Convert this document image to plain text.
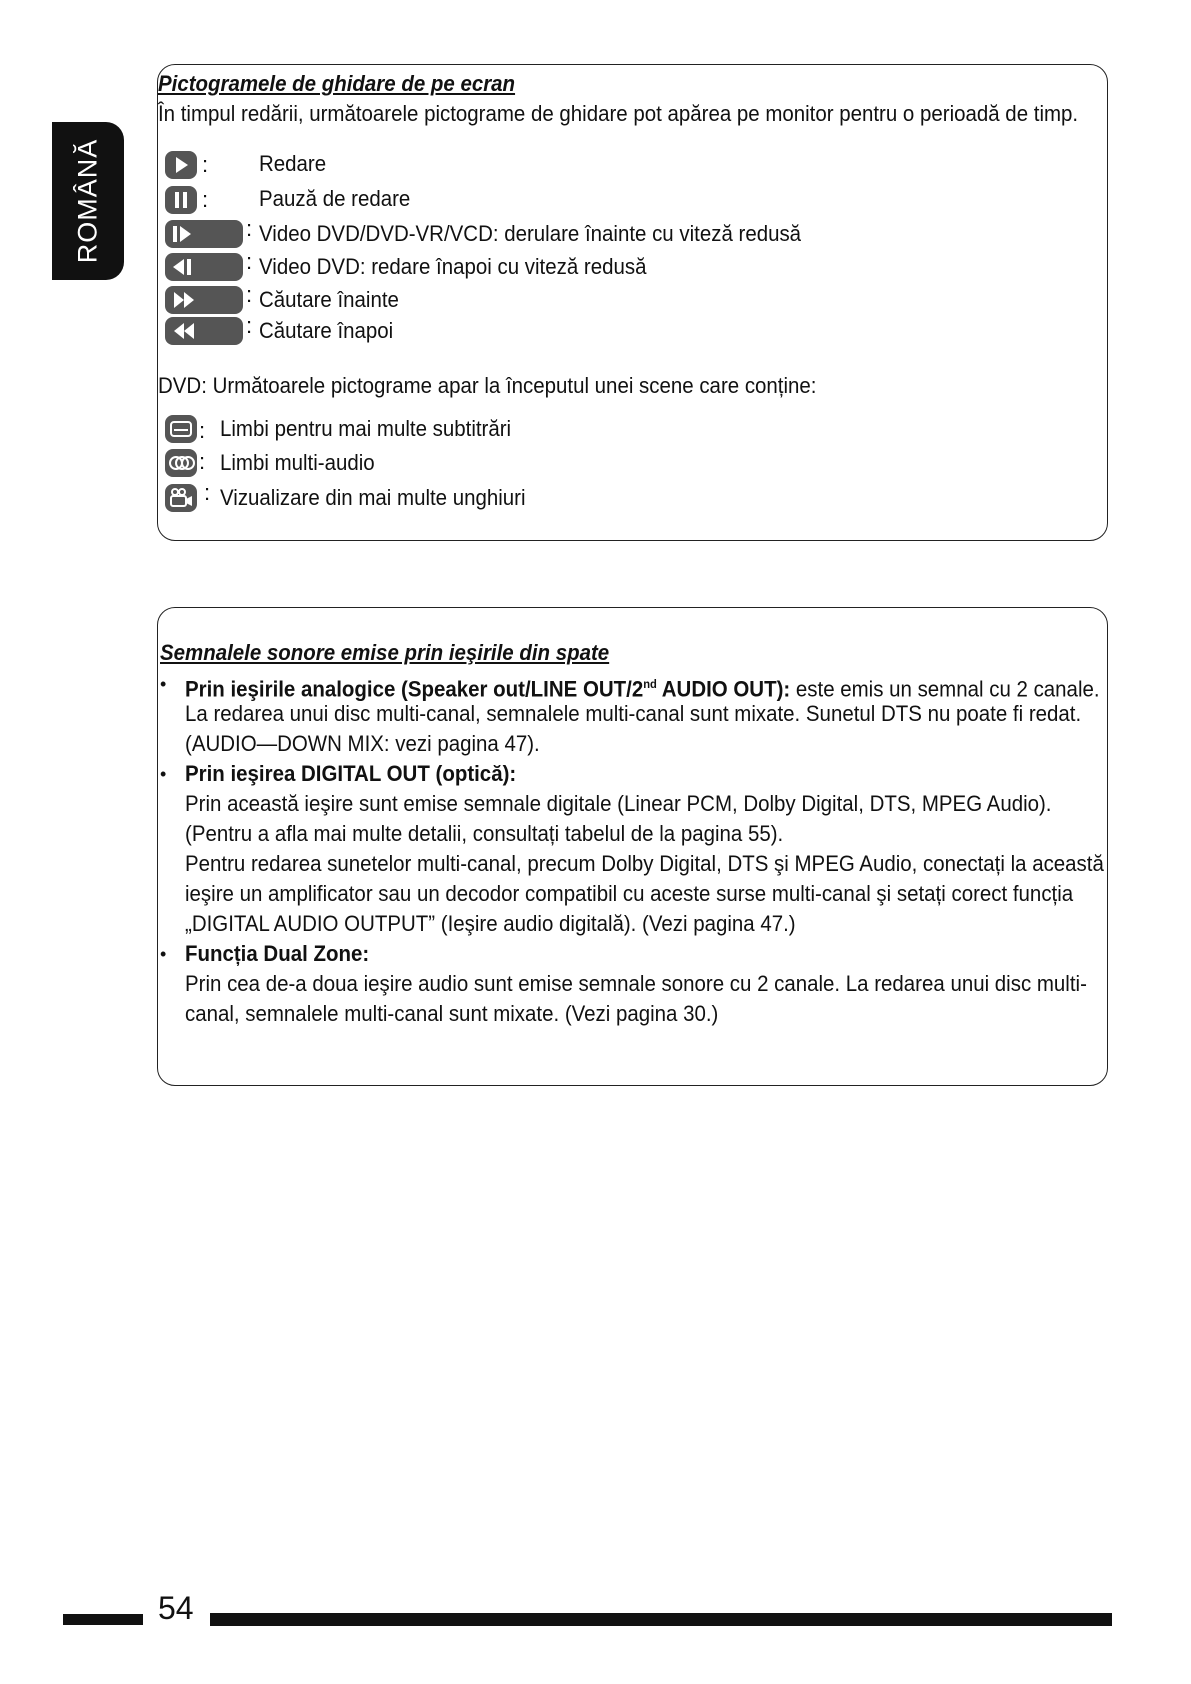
ROMÂNĂ
Pictogramele de ghidare de pe ecran
În timpul redării, următoarele pictograme de ghidare pot apărea pe monitor pentru o perioadă de timp.
: Redare
: Pauză de redare
: Video DVD/DVD-VR/VCD: derulare înainte cu viteză redusă
: Video DVD: redare înapoi cu viteză redusă
: Căutare înainte
: Căutare înapoi
DVD: Următoarele pictograme apar la începutul unei scene care conține:
: Limbi pentru mai multe subtitrări
: Limbi multi-audio
: Vizualizare din mai multe unghiuri
Semnalele sonore emise prin ieşirile din spate
• Prin ieşirile analogice (Speaker out/LINE OUT/2nd AUDIO OUT): este emis un semnal cu 2 canale.
La redarea unui disc multi-canal, semnalele multi-canal sunt mixate. Sunetul DTS nu poate fi redat.
(AUDIO—DOWN MIX: vezi pagina 47).
• Prin ieşirea DIGITAL OUT (optică):
Prin această ieşire sunt emise semnale digitale (Linear PCM, Dolby Digital, DTS, MPEG Audio).
(Pentru a afla mai multe detalii, consultați tabelul de la pagina 55).
Pentru redarea sunetelor multi-canal, precum Dolby Digital, DTS şi MPEG Audio, conectați la această
ieşire un amplificator sau un decodor compatibil cu aceste surse multi-canal şi setați corect funcția
„DIGITAL AUDIO OUTPUT” (Ieşire audio digitală). (Vezi pagina 47.)
• Funcția Dual Zone:
Prin cea de-a doua ieşire audio sunt emise semnale sonore cu 2 canale. La redarea unui disc multi-
canal, semnalele multi-canal sunt mixate. (Vezi pagina 30.)
54
